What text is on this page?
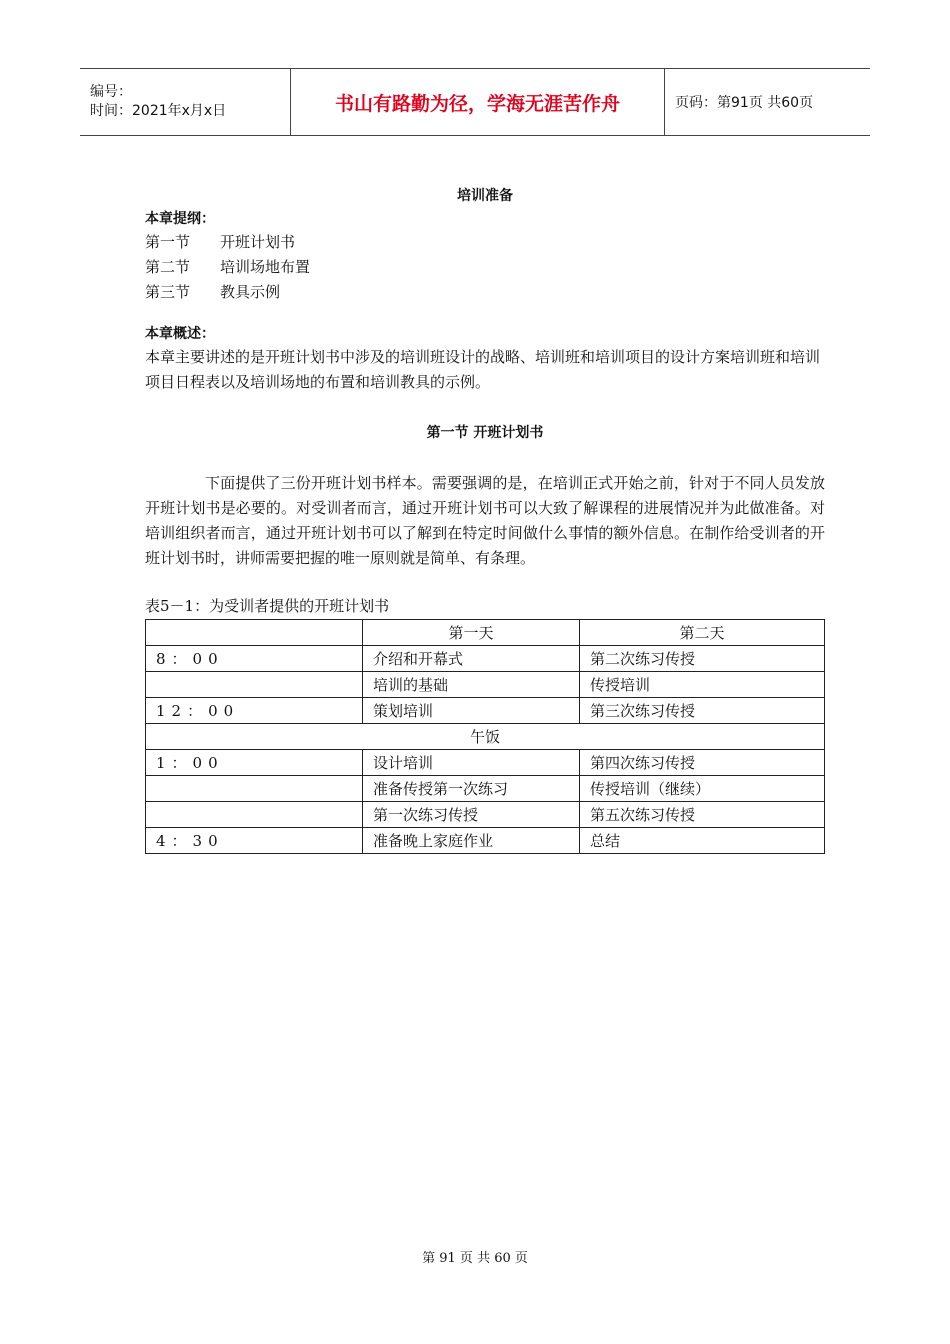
编号：
时间：2021年x月x日	书山有路勤为径，学海无涯苦作舟	页码：第91页 共60页
培训准备

本章提纲：

第一节 开班计划书
第二节 培训场地布置
第三节 教具示例

本章概述：

本章主要讲述的是开班计划书中涉及的培训班设计的战略、培训班和培训项目的设计方案培训班和培训项目日程表以及培训场地的布置和培训教具的示例。

第一节 开班计划书

下面提供了三份开班计划书样本。需要强调的是，在培训正式开始之前，针对于不同人员发放开班计划书是必要的。对受训者而言，通过开班计划书可以大致了解课程的进展情况并为此做准备。对培训组织者而言，通过开班计划书可以了解到在特定时间做什么事情的额外信息。在制作给受训者的开班计划书时，讲师需要把握的唯一原则就是简单、有条理。

表5－1：为受训者提供的开班计划书

	第一天	第二天
8：00	介绍和开幕式	第二次练习传授
	培训的基础	传授培训
12：00	策划培训	第三次练习传授
午饭		
1：00	设计培训	第四次练习传授
	准备传授第一次练习	传授培训（继续）
	第一次练习传授	第五次练习传授
4：30	准备晚上家庭作业	总结
第 91 页 共 60 页
